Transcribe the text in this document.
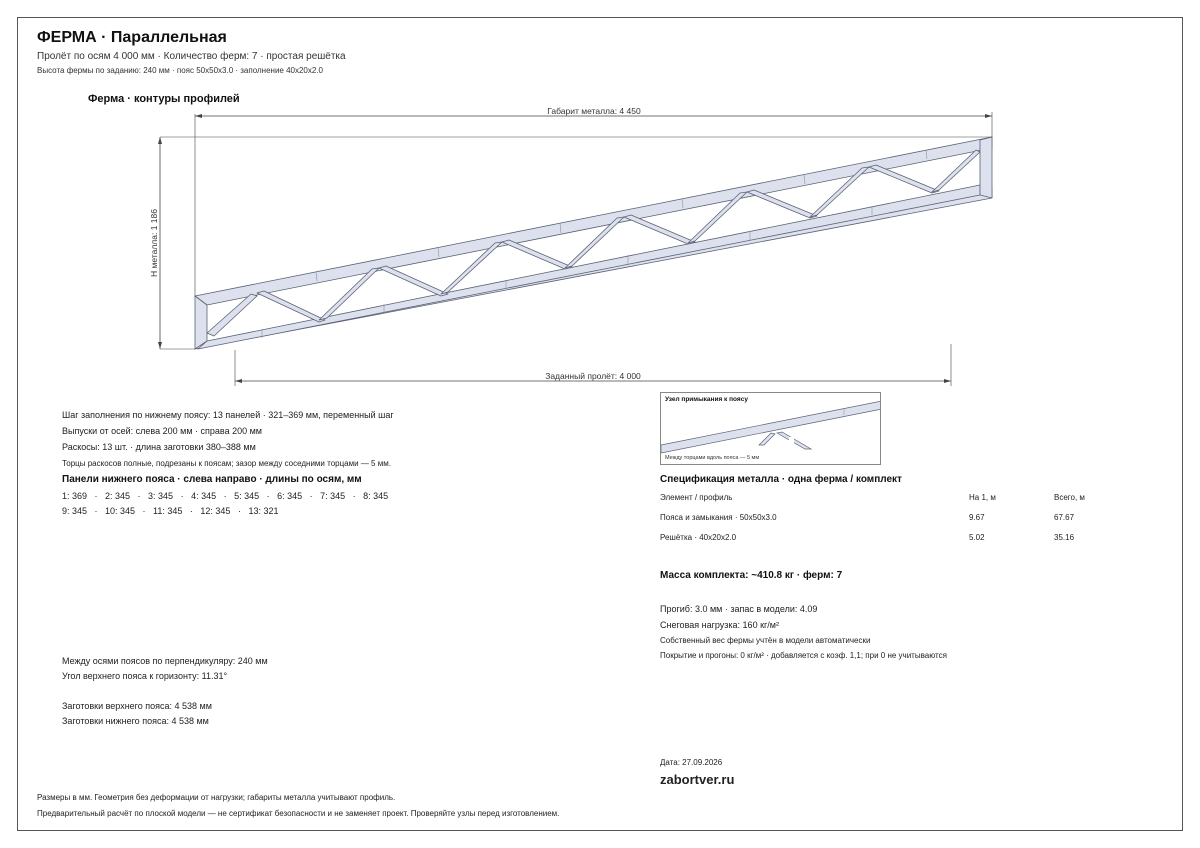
ФЕРМА · Параллельная
Пролёт по осям 4 000 мм · Количество ферм: 7 · простая решётка
Высота фермы по заданию: 240 мм · пояс 50x50x3.0 · заполнение 40x20x2.0
Ферма · контуры профилей
Габарит металла: 4 450
H металла: 1 186
Заданный пролёт: 4 000
Шаг заполнения по нижнему поясу: 13 панелей · 321–369 мм, переменный шаг
Выпуски от осей: слева 200 мм · справа 200 мм
Раскосы: 13 шт. · длина заготовки 380–388 мм
Торцы раскосов полные, подрезаны к поясам; зазор между соседними торцами — 5 мм.
Панели нижнего пояса · слева направо · длины по осям, мм
1: 369   ·   2: 345   ·   3: 345   ·   4: 345   ·   5: 345   ·   6: 345   ·   7: 345   ·   8: 345
9: 345   ·   10: 345   ·   11: 345   ·   12: 345   ·   13: 321
Между осями поясов по перпендикуляру: 240 мм
Угол верхнего пояса к горизонту: 11.31°
Заготовки верхнего пояса: 4 538 мм
Заготовки нижнего пояса: 4 538 мм
Узел примыкания к поясу
Между торцами вдоль пояса — 5 мм
Спецификация металла · одна ферма / комплект
Элемент / профиль	На 1, м	Всего, м
Пояса и замыкания · 50x50x3.0	9.67	67.67
Решётка · 40x20x2.0	5.02	35.16
Масса комплекта: ~410.8 кг · ферм: 7
Прогиб: 3.0 мм · запас в модели: 4.09
Снеговая нагрузка: 160 кг/м²
Собственный вес фермы учтён в модели автоматически
Покрытие и прогоны: 0 кг/м² · добавляется с коэф. 1,1; при 0 не учитываются
Дата: 27.09.2026
zabortver.ru
Размеры в мм. Геометрия без деформации от нагрузки; габариты металла учитывают профиль.
Предварительный расчёт по плоской модели — не сертификат безопасности и не заменяет проект. Проверяйте узлы перед изготовлением.
